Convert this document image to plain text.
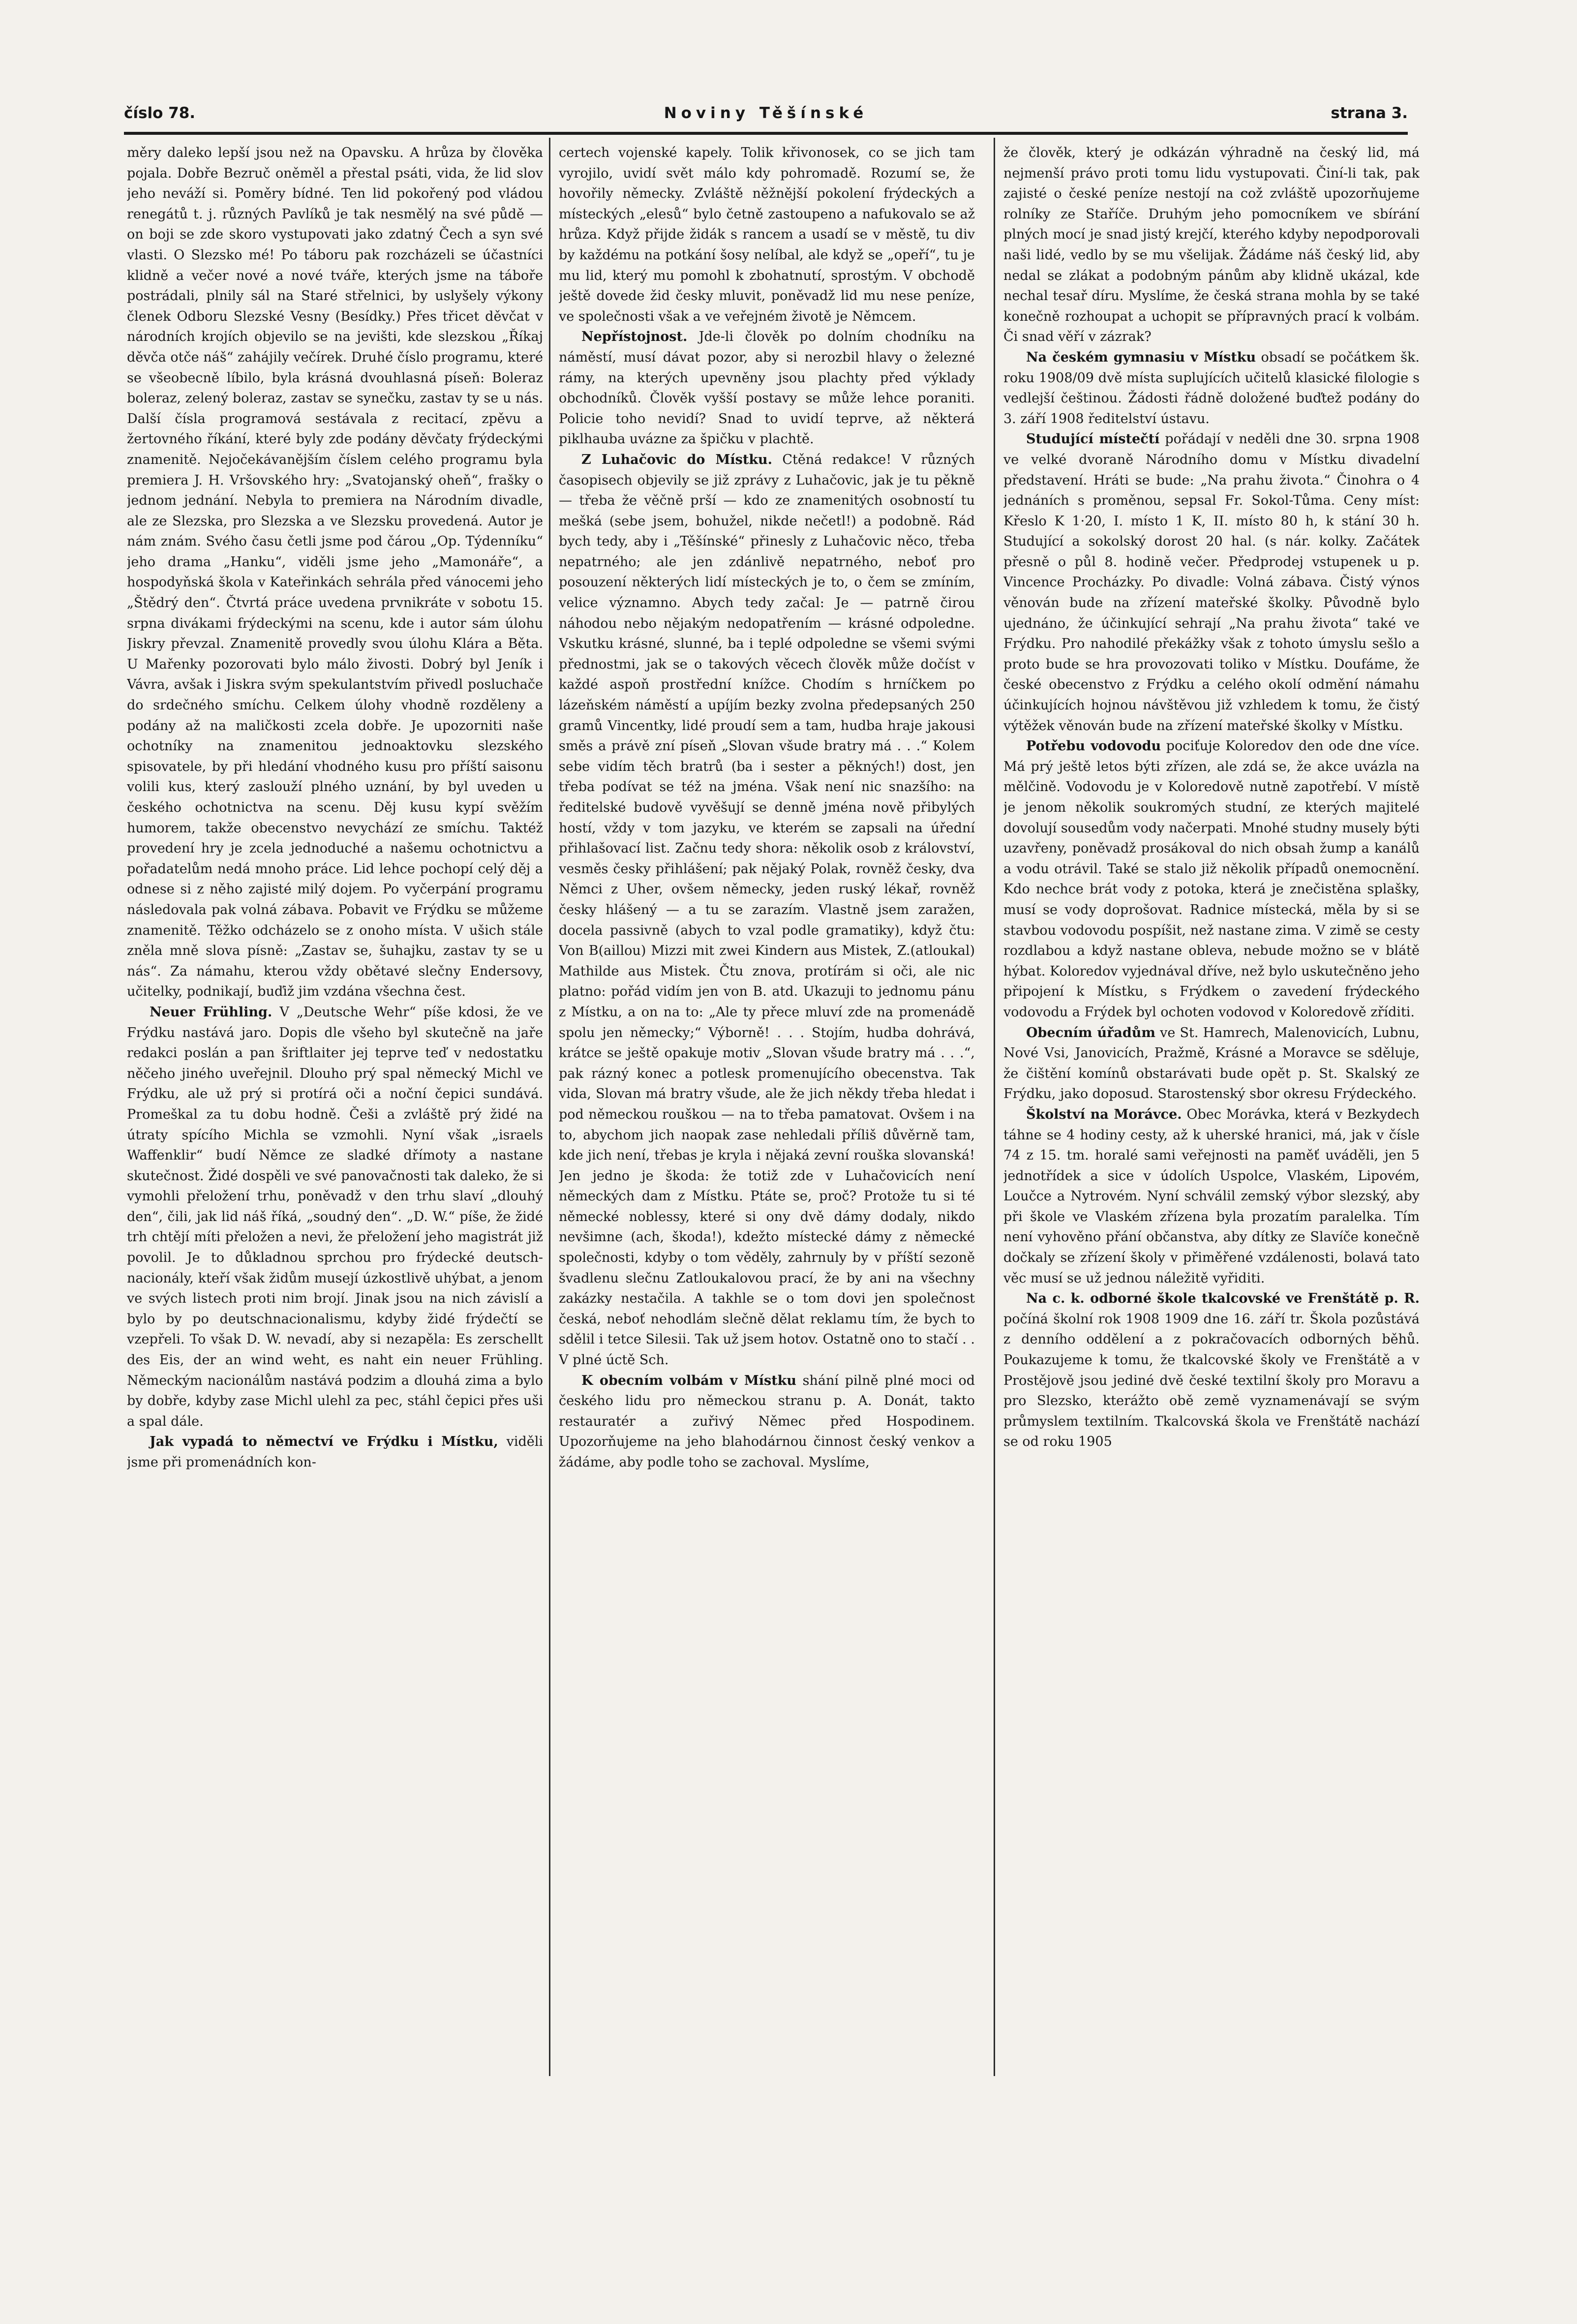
číslo 78.	Noviny Těšínské	strana 3.

měry daleko lepší jsou než na Opavsku. A hrůza by člověka pojala. Dobře Bezruč oněměl a přestal psáti, vida, že lid slov jeho neváží si. Poměry bídné. Ten lid pokořený pod vládou renegátů t. j. různých Pavlíků je tak nesmělý na své půdě — on boji se zde skoro vystupovati jako zdatný Čech a syn své vlasti. O Slezsko mé! Po táboru pak rozcházeli se účastníci klidně a večer nové a nové tváře, kterých jsme na táboře postrádali, plnily sál na Staré střelnici, by uslyšely výkony členek Odboru Slezské Vesny (Besídky.) Přes třicet děvčat v národních krojích objevilo se na jevišti, kde slezskou „Říkaj děvča otče náš“ zahájily večírek. Druhé číslo programu, které se všeobecně líbilo, byla krásná dvouhlasná píseň: Boleraz boleraz, zelený boleraz, zastav se synečku, zastav ty se u nás. Další čísla programová sestávala z recitací, zpěvu a žertovného říkání, které byly zde podány děvčaty frýdeckými znamenitě. Nejočekávanějším číslem celého programu byla premiera J. H. Vršovského hry: „Svatojanský oheň“, frašky o jednom jednání. Nebyla to premiera na Národním divadle, ale ze Slezska, pro Slezska a ve Slezsku provedená. Autor je nám znám. Svého času četli jsme pod čárou „Op. Týdenníku“ jeho drama „Hanku“, viděli jsme jeho „Mamonáře“, a hospodyňská škola v Kateřinkách sehrála před vánocemi jeho „Štědrý den“. Čtvrtá práce uvedena prvnikráte v sobotu 15. srpna divákami frýdeckými na scenu, kde i autor sám úlohu Jiskry převzal. Znamenitě provedly svou úlohu Klára a Běta. U Mařenky pozorovati bylo málo živosti. Dobrý byl Jeník i Vávra, avšak i Jiskra svým spekulantstvím přivedl posluchače do srdečného smíchu. Celkem úlohy vhodně rozděleny a podány až na maličkosti zcela dobře. Je upozorniti naše ochotníky na znamenitou jednoaktovku slezského spisovatele, by při hledání vhodného kusu pro příští saisonu volili kus, který zaslouží plného uznání, by byl uveden u českého ochotnictva na scenu. Děj kusu kypí svěžím humorem, takže obecenstvo nevychází ze smíchu. Taktéž provedení hry je zcela jednoduché a našemu ochotnictvu a pořadatelům nedá mnoho práce. Lid lehce pochopí celý děj a odnese si z něho zajisté milý dojem. Po vyčerpání programu následovala pak volná zábava. Pobavit ve Frýdku se můžeme znamenitě. Těžko odcházelo se z onoho místa. V ušich stále zněla mně slova písně: „Zastav se, šuhajku, zastav ty se u nás“. Za námahu, kterou vždy obětavé slečny Endersovy, učitelky, podnikají, buďiž jim vzdána všechna čest.

Neuer Frühling. V „Deutsche Wehr“ píše kdosi, že ve Frýdku nastává jaro. Dopis dle všeho byl skutečně na jaře redakci poslán a pan šriftlaiter jej teprve teď v nedostatku něčeho jiného uveřejnil. Dlouho prý spal německý Michl ve Frýdku, ale už prý si protírá oči a noční čepici sundává. Promeškal za tu dobu hodně. Češi a zvláště prý židé na útraty spícího Michla se vzmohli. Nyní však „israels Waffenklir“ budí Němce ze sladké dřímoty a nastane skutečnost. Židé dospěli ve své panovačnosti tak daleko, že si vymohli přeložení trhu, poněvadž v den trhu slaví „dlouhý den“, čili, jak lid náš říká, „soudný den“. „D. W.“ píše, že židé trh chtějí míti přeložen a nevi, že přeložení jeho magistrát již povolil. Je to důkladnou sprchou pro frýdecké deutsch-nacionály, kteří však židům musejí úzkostlivě uhýbat, a jenom ve svých listech proti nim brojí. Jinak jsou na nich závislí a bylo by po deutschnacionalismu, kdyby židé frýdečtí se vzepřeli. To však D. W. nevadí, aby si nezapěla: Es zerschellt des Eis, der an wind weht, es naht ein neuer Frühling. Německým nacionálům nastává podzim a dlouhá zima a bylo by dobře, kdyby zase Michl ulehl za pec, stáhl čepici přes uši a spal dále.

Jak vypadá to němectví ve Frýdku i Místku, viděli jsme při promenádních kon-

certech vojenské kapely. Tolik křivonosek, co se jich tam vyrojilo, uvidí svět málo kdy pohromadě. Rozumí se, že hovořily německy. Zvláště něžnější pokolení frýdeckých a místeckých „elesů“ bylo četně zastoupeno a nafukovalo se až hrůza. Když přijde židák s rancem a usadí se v městě, tu div by každému na potkání šosy nelíbal, ale když se „opeří“, tu je mu lid, který mu pomohl k zbohatnutí, sprostým. V obchodě ještě dovede žid česky mluvit, poněvadž lid mu nese peníze, ve společnosti však a ve veřejném životě je Němcem.

Nepřístojnost. Jde-li člověk po dolním chodníku na náměstí, musí dávat pozor, aby si nerozbil hlavy o železné rámy, na kterých upevněny jsou plachty před výklady obchodníků. Člověk vyšší postavy se může lehce poraniti. Policie toho nevidí? Snad to uvidí teprve, až některá piklhauba uvázne za špičku v plachtě.

Z Luhačovic do Místku. Ctěná redakce! V různých časopisech objevily se již zprávy z Luhačovic, jak je tu pěkně — třeba že věčně prší — kdo ze znamenitých osobností tu mešká (sebe jsem, bohužel, nikde nečetl!) a podobně. Rád bych tedy, aby i „Těšínské“ přinesly z Luhačovic něco, třeba nepatrného; ale jen zdánlivě nepatrného, neboť pro posouzení některých lidí místeckých je to, o čem se zmíním, velice významno. Abych tedy začal: Je — patrně čirou náhodou nebo nějakým nedopatřením — krásné odpoledne. Vskutku krásné, slunné, ba i teplé odpoledne se všemi svými přednostmi, jak se o takových věcech člověk může dočíst v každé aspoň prostřední knížce. Chodím s hrníčkem po lázeňském náměstí a upíjím bezky zvolna předepsaných 250 gramů Vincentky, lidé proudí sem a tam, hudba hraje jakousi směs a právě zní píseň „Slovan všude bratry má . . .“ Kolem sebe vidím těch bratrů (ba i sester a pěkných!) dost, jen třeba podívat se též na jména. Však není nic snazšího: na ředitelské budově vyvěšují se denně jména nově přibylých hostí, vždy v tom jazyku, ve kterém se zapsali na úřední přihlašovací list. Začnu tedy shora: několik osob z království, vesměs česky přihlášení; pak nějaký Polak, rovněž česky, dva Němci z Uher, ovšem německy, jeden ruský lékař, rovněž česky hlášený — a tu se zarazím. Vlastně jsem zaražen, docela passivně (abych to vzal podle gramatiky), když čtu: Von B(aillou) Mizzi mit zwei Kindern aus Mistek, Z.(atloukal) Mathilde aus Mistek. Čtu znova, protírám si oči, ale nic platno: pořád vidím jen von B. atd. Ukazuji to jednomu pánu z Místku, a on na to: „Ale ty přece mluví zde na promenádě spolu jen německy;“ Výborně! . . . Stojím, hudba dohrává, krátce se ještě opakuje motiv „Slovan všude bratry má . . .“, pak rázný konec a potlesk promenujícího obecenstva. Tak vida, Slovan má bratry všude, ale že jich někdy třeba hledat i pod německou rouškou — na to třeba pamatovat. Ovšem i na to, abychom jich naopak zase nehledali příliš důvěrně tam, kde jich není, třebas je kryla i nějaká zevní rouška slovanská! Jen jedno je škoda: že totiž zde v Luhačovicích není německých dam z Místku. Ptáte se, proč? Protože tu si té německé noblessy, které si ony dvě dámy dodaly, nikdo nevšimne (ach, škoda!), kdežto místecké dámy z německé společnosti, kdyby o tom věděly, zahrnuly by v příští sezoně švadlenu slečnu Zatloukalovou prací, že by ani na všechny zakázky nestačila. A takhle se o tom dovi jen společnost česká, neboť nehodlám slečně dělat reklamu tím, že bych to sdělil i tetce Silesii. Tak už jsem hotov. Ostatně ono to stačí . . V plné úctě Sch.

K obecním volbám v Místku shání pilně plné moci od českého lidu pro německou stranu p. A. Donát, takto restauratér a zuřivý Němec před Hospodinem. Upozorňujeme na jeho blahodárnou činnost český venkov a žádáme, aby podle toho se zachoval. Myslíme,

že člověk, který je odkázán výhradně na český lid, má nejmenší právo proti tomu lidu vystupovati. Činí-li tak, pak zajisté o české peníze nestojí na což zvláště upozorňujeme rolníky ze Staříče. Druhým jeho pomocníkem ve sbírání plných mocí je snad jistý krejčí, kterého kdyby nepodporovali naši lidé, vedlo by se mu všelijak. Žádáme náš český lid, aby nedal se zlákat a podobným pánům aby klidně ukázal, kde nechal tesař díru. Myslíme, že česká strana mohla by se také konečně rozhoupat a uchopit se přípravných prací k volbám. Či snad věří v zázrak?

Na českém gymnasiu v Místku obsadí se počátkem šk. roku 1908/09 dvě místa suplujících učitelů klasické filologie s vedlejší češtinou. Žádosti řádně doložené buďtež podány do 3. září 1908 ředitelství ústavu.

Studující místečtí pořádají v neděli dne 30. srpna 1908 ve velké dvoraně Národního domu v Místku divadelní představení. Hráti se bude: „Na prahu života.“ Činohra o 4 jednáních s proměnou, sepsal Fr. Sokol-Tůma. Ceny míst: Křeslo K 1·20, I. místo 1 K, II. místo 80 h, k stání 30 h. Studující a sokolský dorost 20 hal. (s nár. kolky. Začátek přesně o půl 8. hodině večer. Předprodej vstupenek u p. Vincence Procházky. Po divadle: Volná zábava. Čistý výnos věnován bude na zřízení mateřské školky. Původně bylo ujednáno, že účinkující sehrají „Na prahu života“ také ve Frýdku. Pro nahodilé překážky však z tohoto úmyslu sešlo a proto bude se hra provozovati toliko v Místku. Doufáme, že české obecenstvo z Frýdku a celého okolí odmění námahu účinkujících hojnou návštěvou již vzhledem k tomu, že čistý výtěžek věnován bude na zřízení mateřské školky v Místku.

Potřebu vodovodu pociťuje Koloredov den ode dne více. Má prý ještě letos býti zřízen, ale zdá se, že akce uvázla na mělčině. Vodovodu je v Koloredově nutně zapotřebí. V místě je jenom několik soukromých studní, ze kterých majitelé dovolují sousedům vody načerpati. Mnohé studny musely býti uzavřeny, poněvadž prosákoval do nich obsah žump a kanálů a vodu otrávil. Také se stalo již několik případů onemocnění. Kdo nechce brát vody z potoka, která je znečistěna splašky, musí se vody doprošovat. Radnice místecká, měla by si se stavbou vodovodu pospíšit, než nastane zima. V zimě se cesty rozdlabou a když nastane obleva, nebude možno se v blátě hýbat. Koloredov vyjednával dříve, než bylo uskutečněno jeho připojení k Místku, s Frýdkem o zavedení frýdeckého vodovodu a Frýdek byl ochoten vodovod v Koloredově zříditi.

Obecním úřadům ve St. Hamrech, Malenovicích, Lubnu, Nové Vsi, Janovicích, Pražmě, Krásné a Moravce se sděluje, že čištění komínů obstarávati bude opět p. St. Skalský ze Frýdku, jako doposud. Starostenský sbor okresu Frýdeckého.

Školství na Morávce. Obec Morávka, která v Bezkydech táhne se 4 hodiny cesty, až k uherské hranici, má, jak v čísle 74 z 15. tm. horalé sami veřejnosti na paměť uváděli, jen 5 jednotřídek a sice v údolích Uspolce, Vlaském, Lipovém, Loučce a Nytrovém. Nyní schválil zemský výbor slezský, aby při škole ve Vlaském zřízena byla prozatím paralelka. Tím není vyhověno přání občanstva, aby dítky ze Slavíče konečně dočkaly se zřízení školy v přiměřené vzdálenosti, bolavá tato věc musí se už jednou náležitě vyřiditi.

Na c. k. odborné škole tkalcovské ve Frenštátě p. R. počíná školní rok 1908 1909 dne 16. září tr. Škola pozůstává z denního oddělení a z pokračovacích odborných běhů. Poukazujeme k tomu, že tkalcovské školy ve Frenštátě a v Prostějově jsou jediné dvě české textilní školy pro Moravu a pro Slezsko, kterážto obě země vyznamenávají se svým průmyslem textilním. Tkalcovská škola ve Frenštátě nachází se od roku 1905
